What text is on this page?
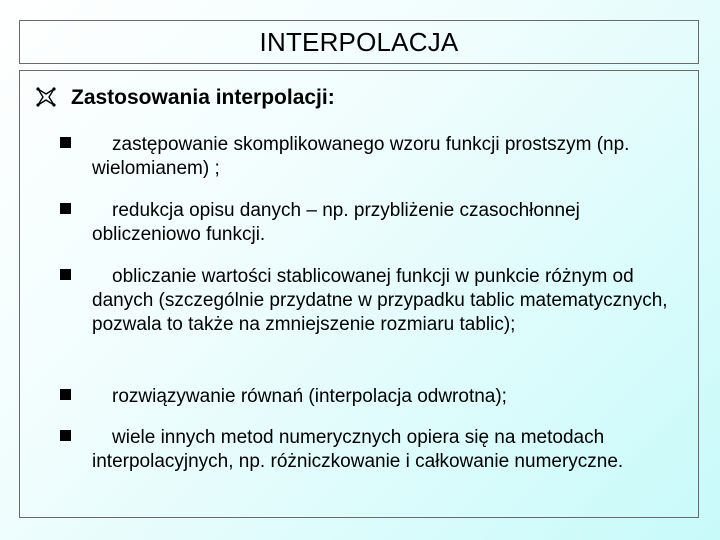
INTERPOLACJA
Zastosowania interpolacji:
zastępowanie skomplikowanego wzoru funkcji prostszym (np. wielomianem) ;
redukcja opisu danych – np. przybliżenie czasochłonnej obliczeniowo funkcji.
obliczanie wartości stablicowanej funkcji w punkcie różnym od danych (szczególnie przydatne w przypadku tablic matematycznych, pozwala to także na zmniejszenie rozmiaru tablic);
rozwiązywanie równań (interpolacja odwrotna);
wiele innych metod numerycznych opiera się na metodach interpolacyjnych, np. różniczkowanie i całkowanie numeryczne.
